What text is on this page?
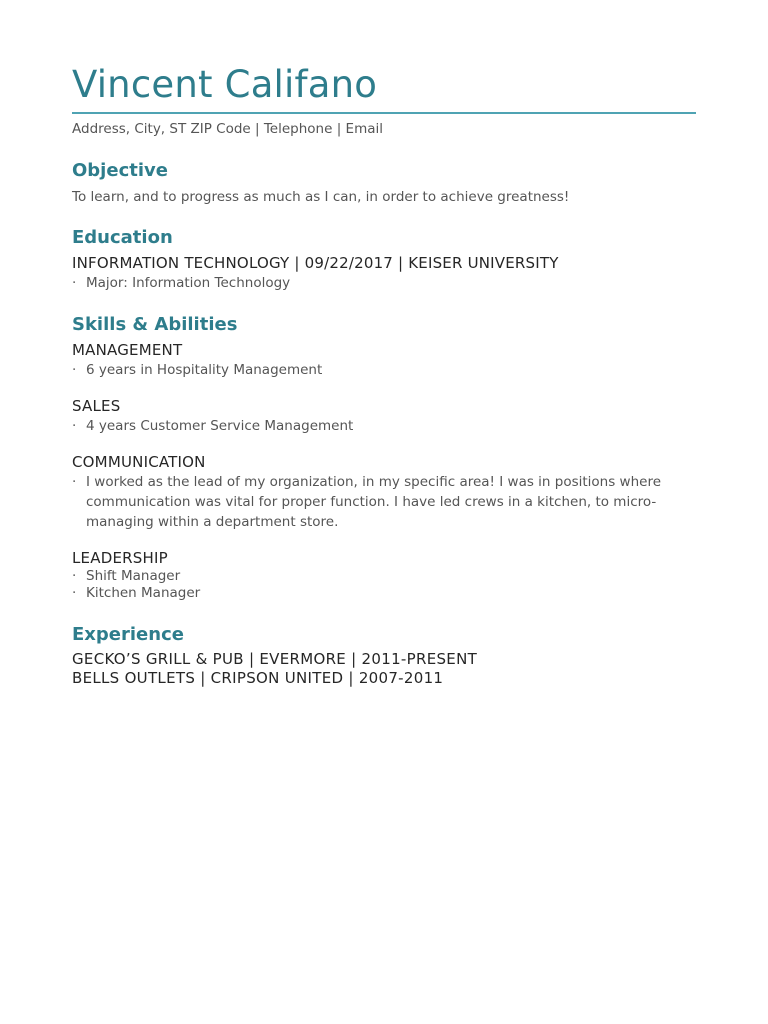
Vincent Califano
Address, City, ST ZIP Code | Telephone | Email
Objective

To learn, and to progress as much as I can, in order to achieve greatness!

Education

INFORMATION TECHNOLOGY | 09/22/2017 | KEISER UNIVERSITY

· Major: Information Technology
Skills & Abilities

MANAGEMENT

· 6 years in Hospitality Management

SALES

· 4 years Customer Service Management

COMMUNICATION

· I worked as the lead of my organization, in my specific area! I was in positions where communication was vital for proper function. I have led crews in a kitchen, to micro-managing within a department store.

LEADERSHIP

· Shift Manager
· Kitchen Manager
Experience

GECKO’S GRILL & PUB | EVERMORE | 2011-PRESENT

BELLS OUTLETS | CRIPSON UNITED | 2007-2011
